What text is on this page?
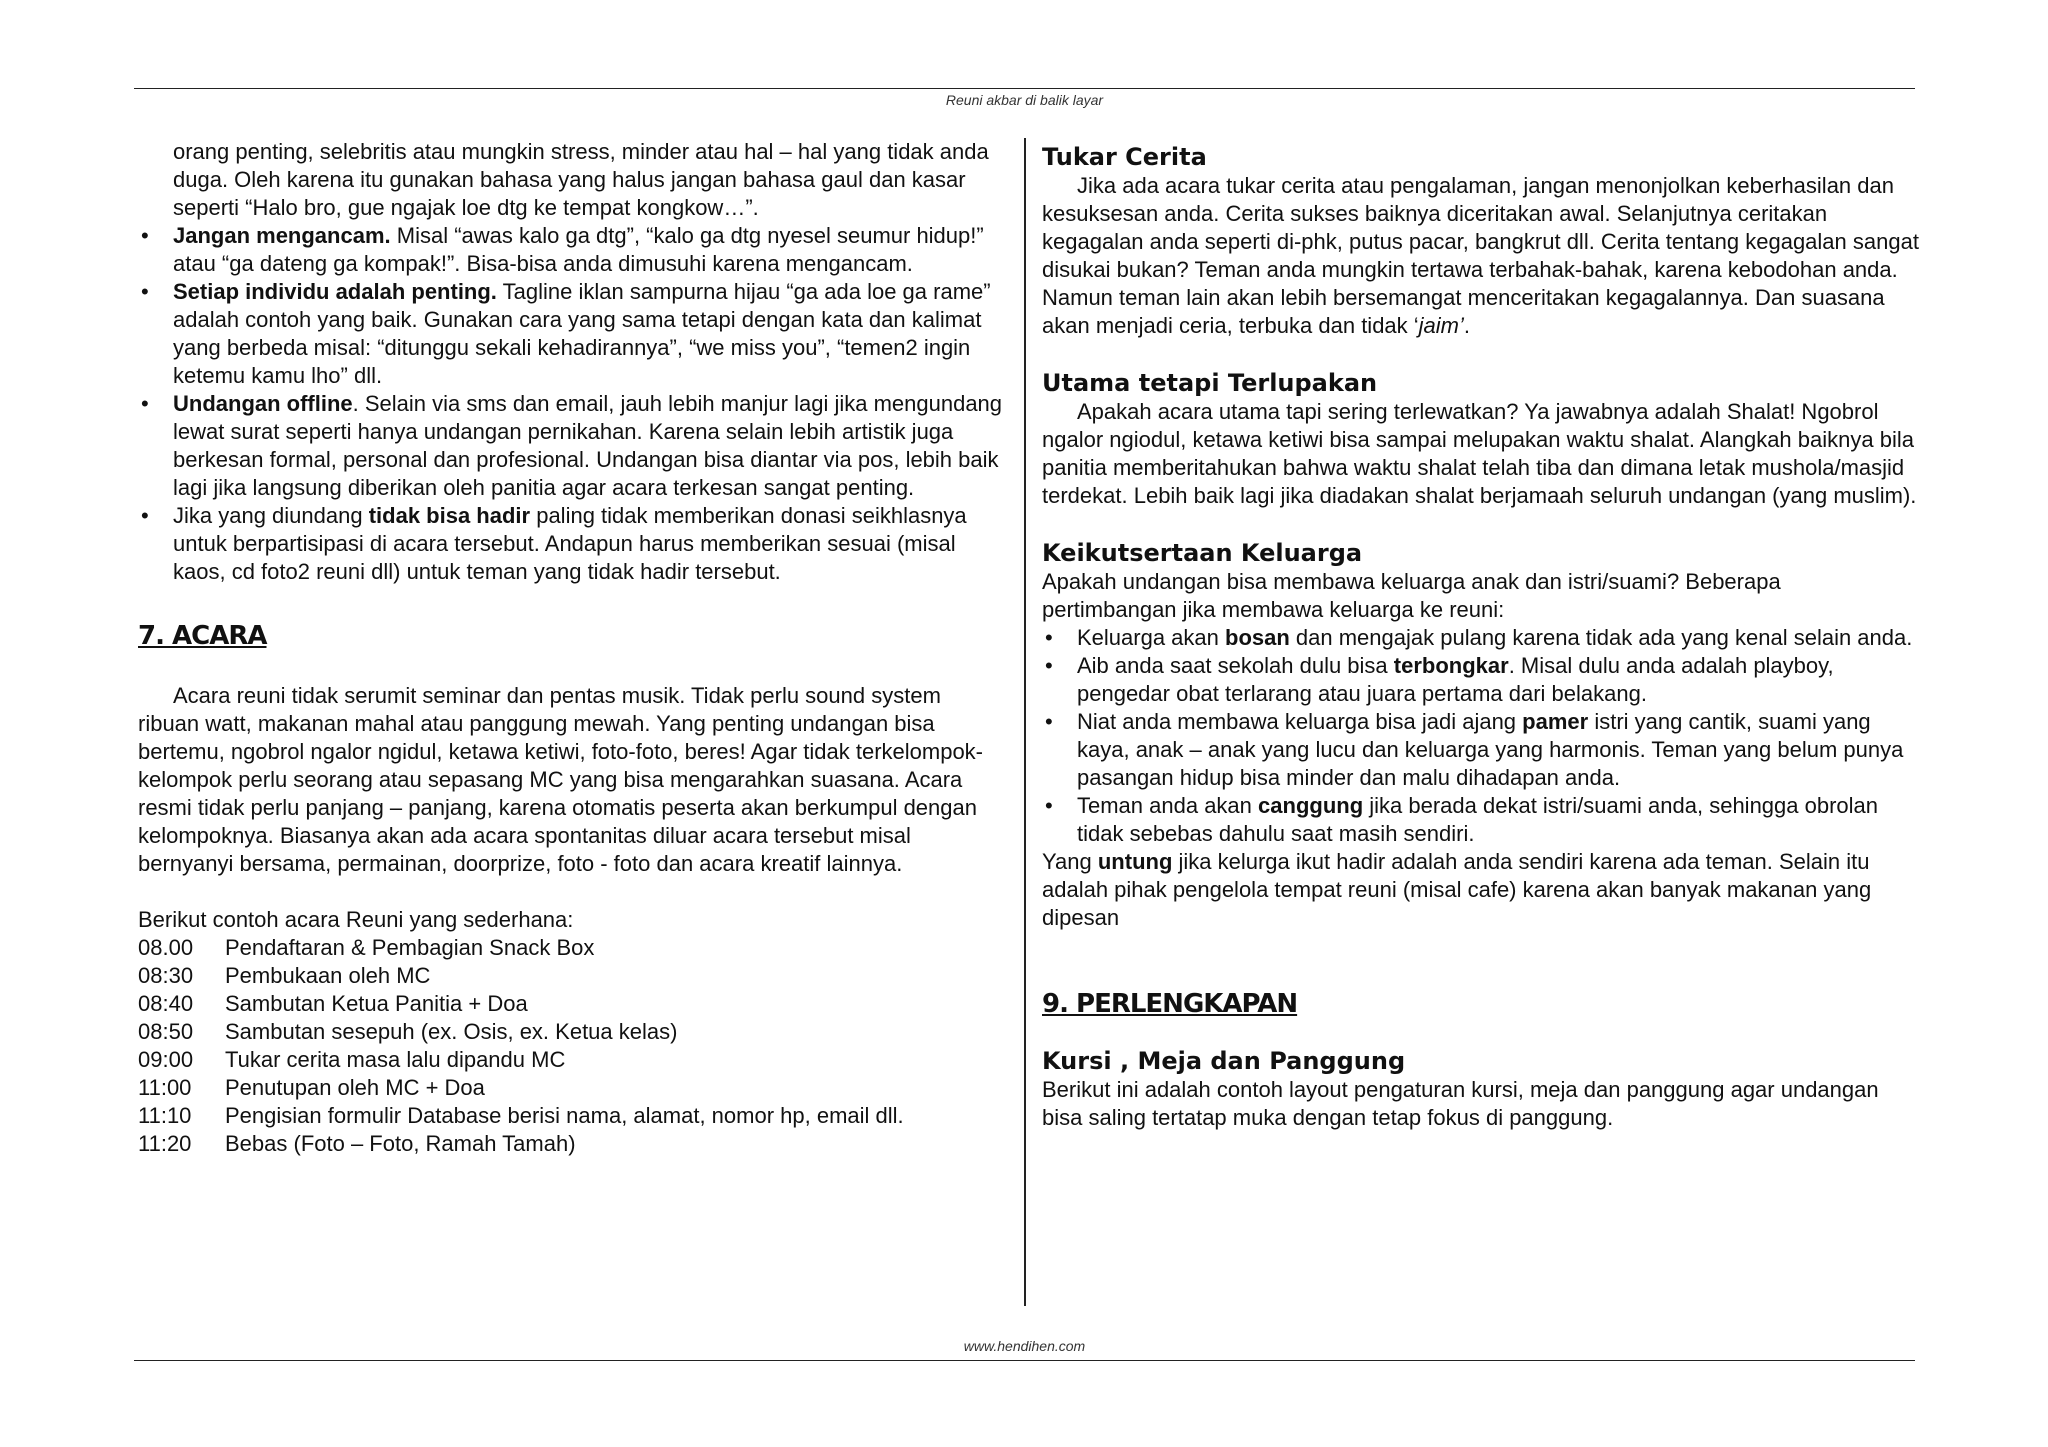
Reuni akbar di balik layar

orang penting, selebritis atau mungkin stress, minder atau hal – hal yang tidak anda duga. Oleh karena itu gunakan bahasa yang halus jangan bahasa gaul dan kasar seperti “Halo bro, gue ngajak loe dtg ke tempat kongkow…”.

• Jangan mengancam. Misal “awas kalo ga dtg”, “kalo ga dtg nyesel seumur hidup!” atau “ga dateng ga kompak!”. Bisa-bisa anda dimusuhi karena mengancam.
• Setiap individu adalah penting. Tagline iklan sampurna hijau “ga ada loe ga rame” adalah contoh yang baik. Gunakan cara yang sama tetapi dengan kata dan kalimat yang berbeda misal: “ditunggu sekali kehadirannya”, “we miss you”, “temen2 ingin ketemu kamu lho” dll.
• Undangan offline. Selain via sms dan email, jauh lebih manjur lagi jika mengundang lewat surat seperti hanya undangan pernikahan. Karena selain lebih artistik juga berkesan formal, personal dan profesional. Undangan bisa diantar via pos, lebih baik lagi jika langsung diberikan oleh panitia agar acara terkesan sangat penting.
• Jika yang diundang tidak bisa hadir paling tidak memberikan donasi seikhlasnya untuk berpartisipasi di acara tersebut. Andapun harus memberikan sesuai (misal kaos, cd foto2 reuni dll) untuk teman yang tidak hadir tersebut.
7. ACARA

Acara reuni tidak serumit seminar dan pentas musik. Tidak perlu sound system ribuan watt, makanan mahal atau panggung mewah. Yang penting undangan bisa bertemu, ngobrol ngalor ngidul, ketawa ketiwi, foto-foto, beres! Agar tidak terkelompok-kelompok perlu seorang atau sepasang MC yang bisa mengarahkan suasana. Acara resmi tidak perlu panjang – panjang, karena otomatis peserta akan berkumpul dengan kelompoknya. Biasanya akan ada acara spontanitas diluar acara tersebut misal bernyanyi bersama, permainan, doorprize, foto - foto dan acara kreatif lainnya.

Berikut contoh acara Reuni yang sederhana:

08.00	Pendaftaran & Pembagian Snack Box
08:30	Pembukaan oleh MC
08:40	Sambutan Ketua Panitia + Doa
08:50	Sambutan sesepuh (ex. Osis, ex. Ketua kelas)
09:00	Tukar cerita masa lalu dipandu MC
11:00	Penutupan oleh MC + Doa
11:10	Pengisian formulir Database berisi nama, alamat, nomor hp, email dll.
11:20	Bebas (Foto – Foto, Ramah Tamah)
Tukar Cerita

Jika ada acara tukar cerita atau pengalaman, jangan menonjolkan keberhasilan dan kesuksesan anda. Cerita sukses baiknya diceritakan awal. Selanjutnya ceritakan kegagalan anda seperti di-phk, putus pacar, bangkrut dll. Cerita tentang kegagalan sangat disukai bukan? Teman anda mungkin tertawa terbahak-bahak, karena kebodohan anda. Namun teman lain akan lebih bersemangat menceritakan kegagalannya. Dan suasana akan menjadi ceria, terbuka dan tidak ‘jaim’.

Utama tetapi Terlupakan

Apakah acara utama tapi sering terlewatkan? Ya jawabnya adalah Shalat! Ngobrol ngalor ngiodul, ketawa ketiwi bisa sampai melupakan waktu shalat. Alangkah baiknya bila panitia memberitahukan bahwa waktu shalat telah tiba dan dimana letak mushola/masjid terdekat. Lebih baik lagi jika diadakan shalat berjamaah seluruh undangan (yang muslim).

Keikutsertaan Keluarga

Apakah undangan bisa membawa keluarga anak dan istri/suami? Beberapa pertimbangan jika membawa keluarga ke reuni:

• Keluarga akan bosan dan mengajak pulang karena tidak ada yang kenal selain anda.
• Aib anda saat sekolah dulu bisa terbongkar. Misal dulu anda adalah playboy, pengedar obat terlarang atau juara pertama dari belakang.
• Niat anda membawa keluarga bisa jadi ajang pamer istri yang cantik, suami yang kaya, anak – anak yang lucu dan keluarga yang harmonis. Teman yang belum punya pasangan hidup bisa minder dan malu dihadapan anda.
• Teman anda akan canggung jika berada dekat istri/suami anda, sehingga obrolan tidak sebebas dahulu saat masih sendiri.

Yang untung jika kelurga ikut hadir adalah anda sendiri karena ada teman. Selain itu adalah pihak pengelola tempat reuni (misal cafe) karena akan banyak makanan yang dipesan

9. PERLENGKAPAN
Kursi , Meja dan Panggung

Berikut ini adalah contoh layout pengaturan kursi, meja dan panggung agar undangan bisa saling tertatap muka dengan tetap fokus di panggung.

www.hendihen.com
